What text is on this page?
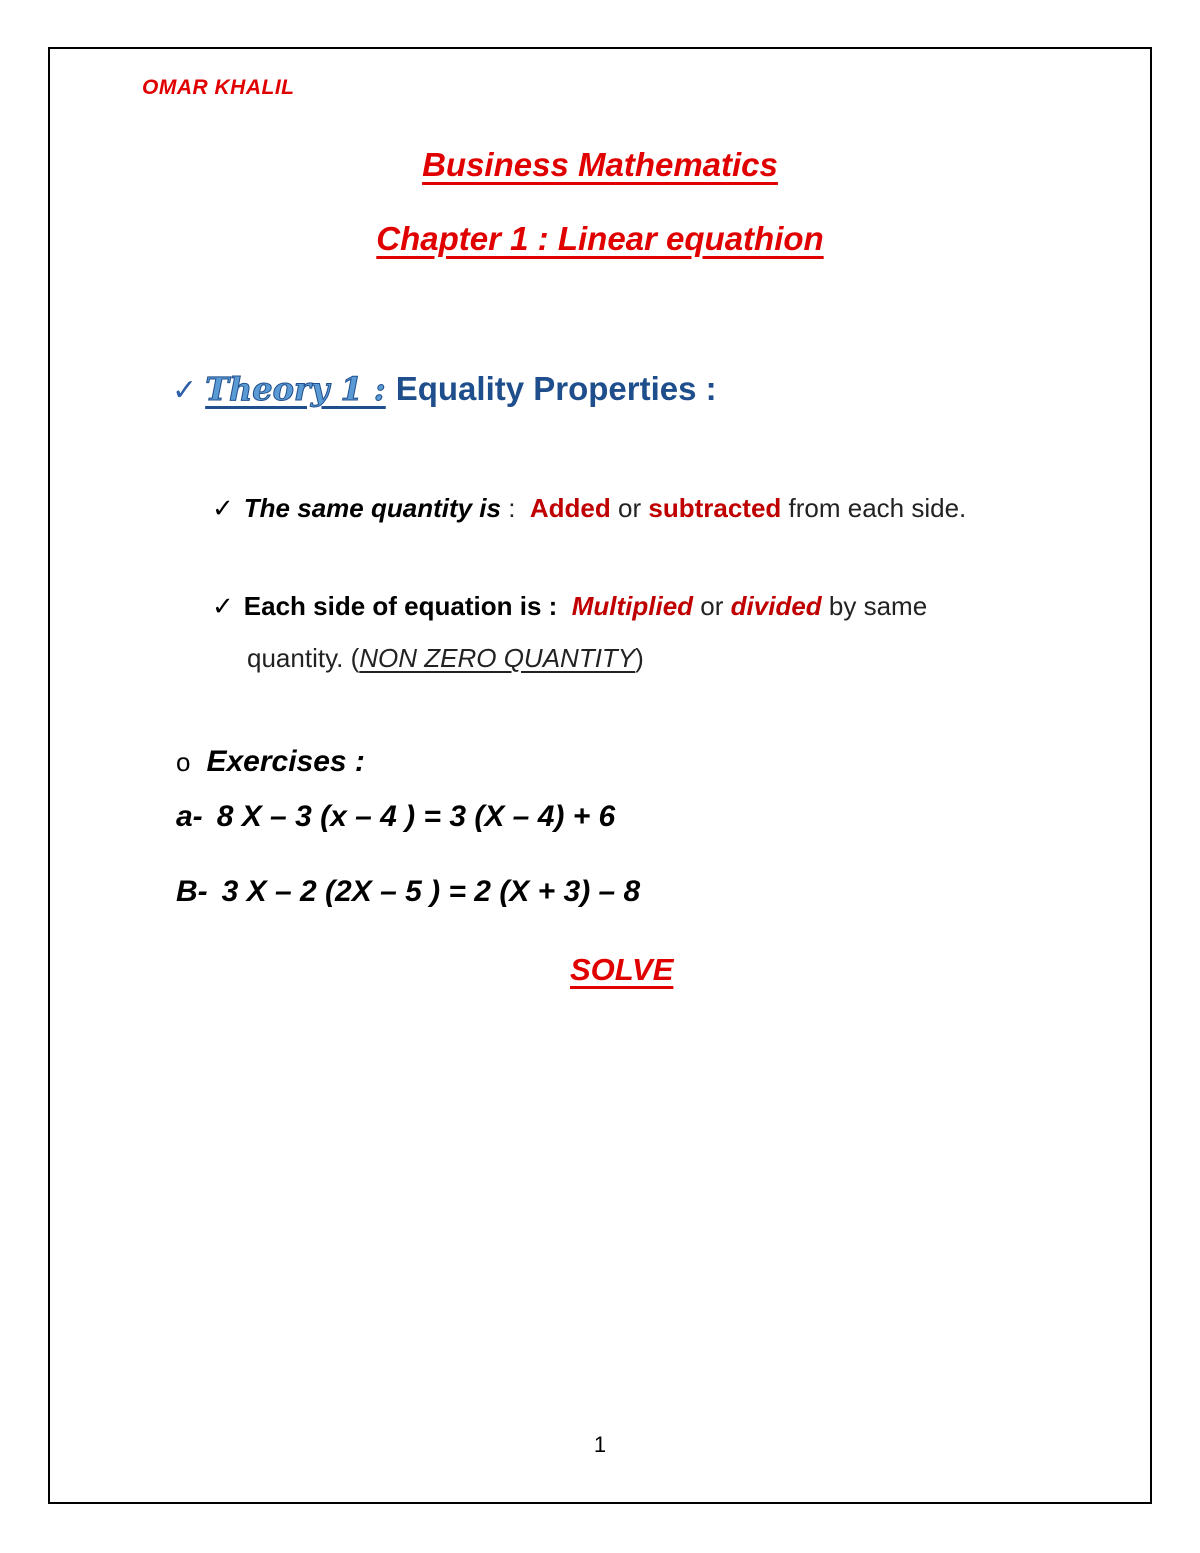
OMAR KHALIL
Business Mathematics
Chapter 1 : Linear equathion
✓ Theory 1 : Equality Properties :
✓ The same quantity is :  Added or subtracted from each side.
✓ Each side of equation is : Multiplied or divided by same
quantity. (NON ZERO QUANTITY)
o Exercises :
a- 8 X – 3 (x – 4 ) = 3 (X – 4) + 6
B- 3 X – 2 (2X – 5 ) = 2 (X + 3) – 8
SOLVE
1
